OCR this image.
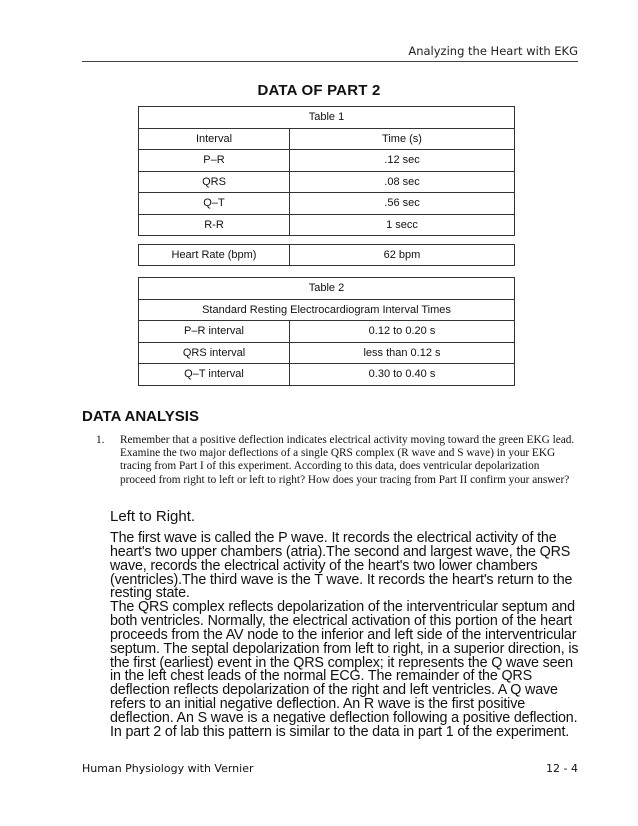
Analyzing the Heart with EKG
DATA OF PART 2
Table 1	
Interval	Time (s)
P–R	.12 sec
QRS	.08 sec
Q–T	.56 sec
R-R	1 secc
Heart Rate (bpm)	62 bpm
Table 2	
Standard Resting Electrocardiogram Interval Times	
P–R interval	0.12 to 0.20 s
QRS interval	less than 0.12 s
Q–T interval	0.30 to 0.40 s
DATA ANALYSIS
1. Remember that a positive deflection indicates electrical activity moving toward the green EKG lead. Examine the two major deflections of a single QRS complex (R wave and S wave) in your EKG tracing from Part I of this experiment. According to this data, does ventricular depolarization proceed from right to left or left to right? How does your tracing from Part II confirm your answer?
Left to Right.

The first wave is called the P wave. It records the electrical activity of the heart's two upper chambers (atria).The second and largest wave, the QRS wave, records the electrical activity of the heart's two lower chambers (ventricles).The third wave is the T wave. It records the heart's return to the resting state.

The QRS complex reflects depolarization of the interventricular septum and both ventricles. Normally, the electrical activation of this portion of the heart proceeds from the AV node to the inferior and left side of the interventricular septum. The septal depolarization from left to right, in a superior direction, is the first (earliest) event in the QRS complex; it represents the Q wave seen in the left chest leads of the normal ECG. The remainder of the QRS deflection reflects depolarization of the right and left ventricles. A Q wave refers to an initial negative deflection. An R wave is the first positive deflection. An S wave is a negative deflection following a positive deflection. In part 2 of lab this pattern is similar to the data in part 1 of the experiment.

Human Physiology with Vernier	12 - 4
